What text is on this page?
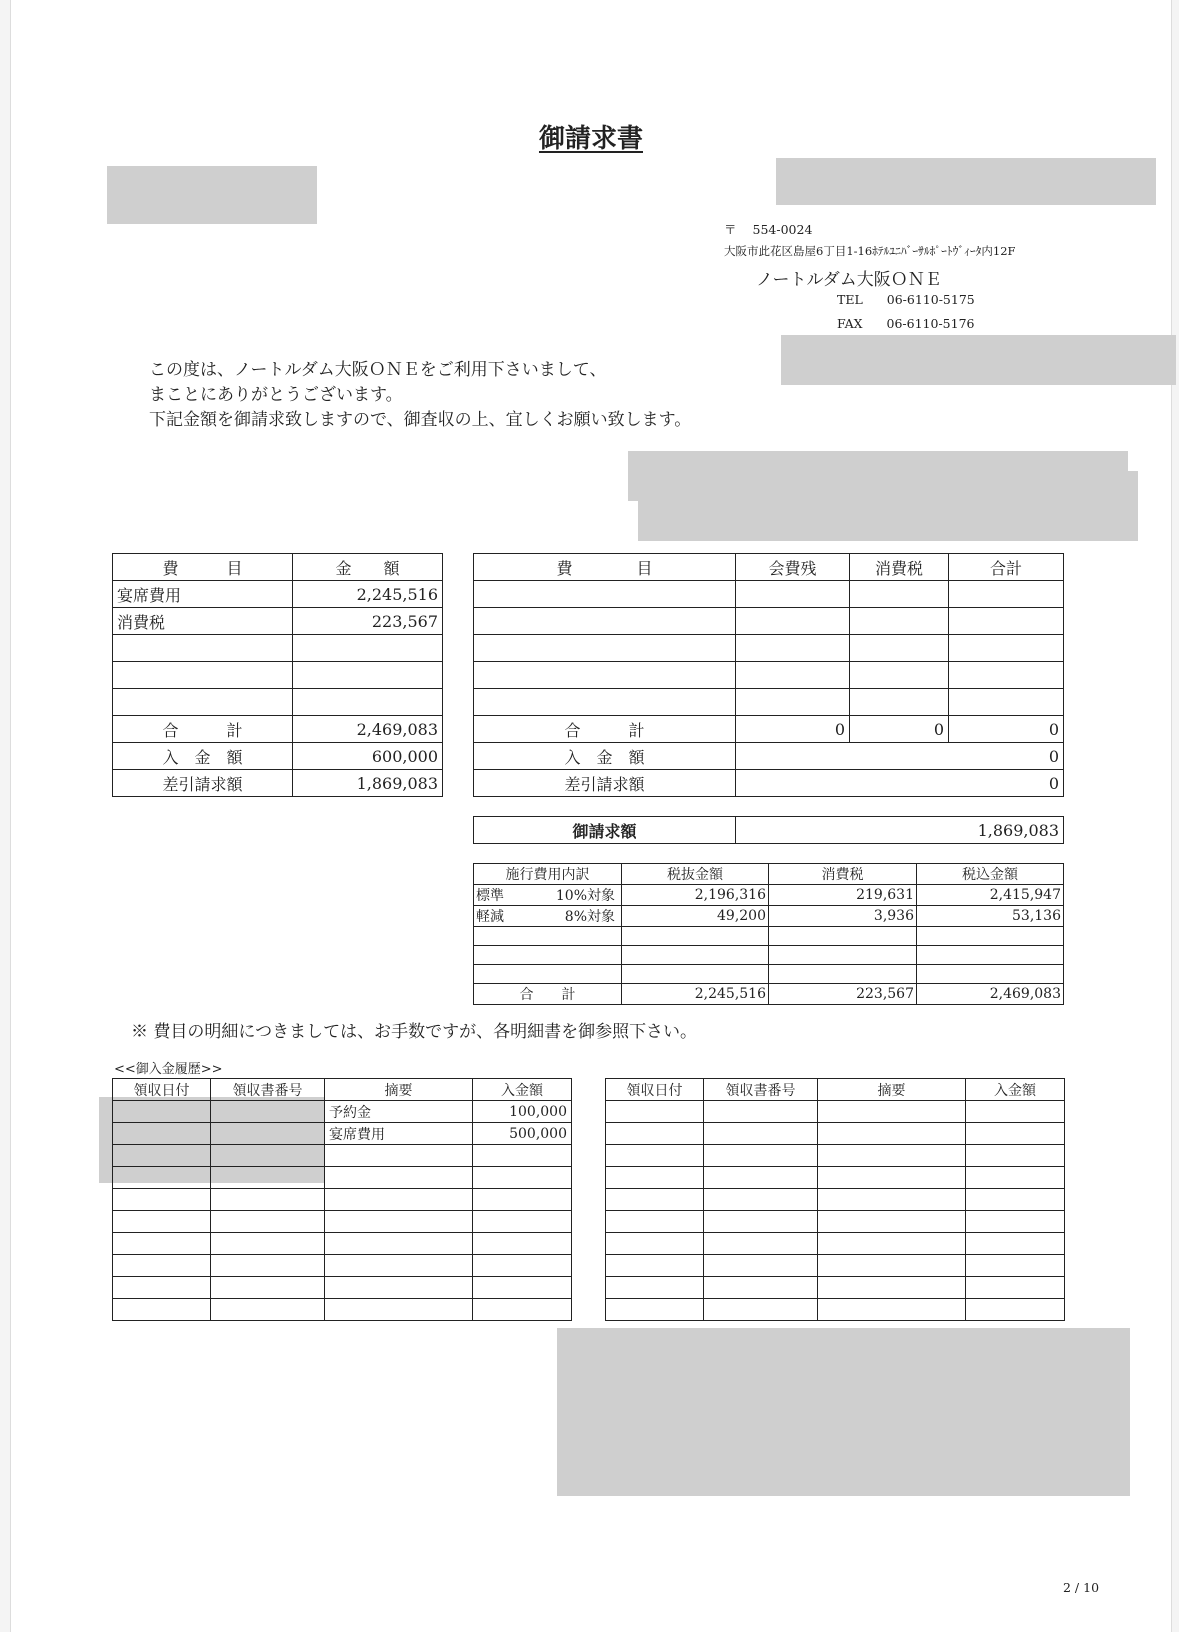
御請求書
〒 554-0024
大阪市此花区島屋6丁目1-16ﾎﾃﾙﾕﾆﾊﾞｰｻﾙﾎﾟｰﾄｳﾞｨｰﾀ内12F
ノートルダム大阪ＯＮＥ
TEL 06-6110-5175
FAX 06-6110-5176
この度は、ノートルダム大阪ＯＮＥをご利用下さいまして、
まことにありがとうございます。
下記金額を御請求致しますので、御査収の上、宜しくお願い致します。
費　　　目	金　　額
宴席費用	2,245,516
消費税	223,567

合　　　計	2,469,083
入　金　額	600,000
差引請求額	1,869,083
費　　　　目	会費残	消費税	合計

合　　　計	0	0	0
入　金　額	0		
差引請求額	0		
御請求額	1,869,083
施行費用内訳	税抜金額	消費税	税込金額
標準 10%対象	2,196,316	219,631	2,415,947
軽減 8%対象	49,200	3,936	53,136

合　　計	2,245,516	223,567	2,469,083
※ 費目の明細につきましては、お手数ですが、各明細書を御参照下さい。
<<御入金履歴>>
領収日付	領収書番号	摘要	入金額
		予約金	100,000
		宴席費用	500,000

領収日付	領収書番号	摘要	入金額

2 / 10
